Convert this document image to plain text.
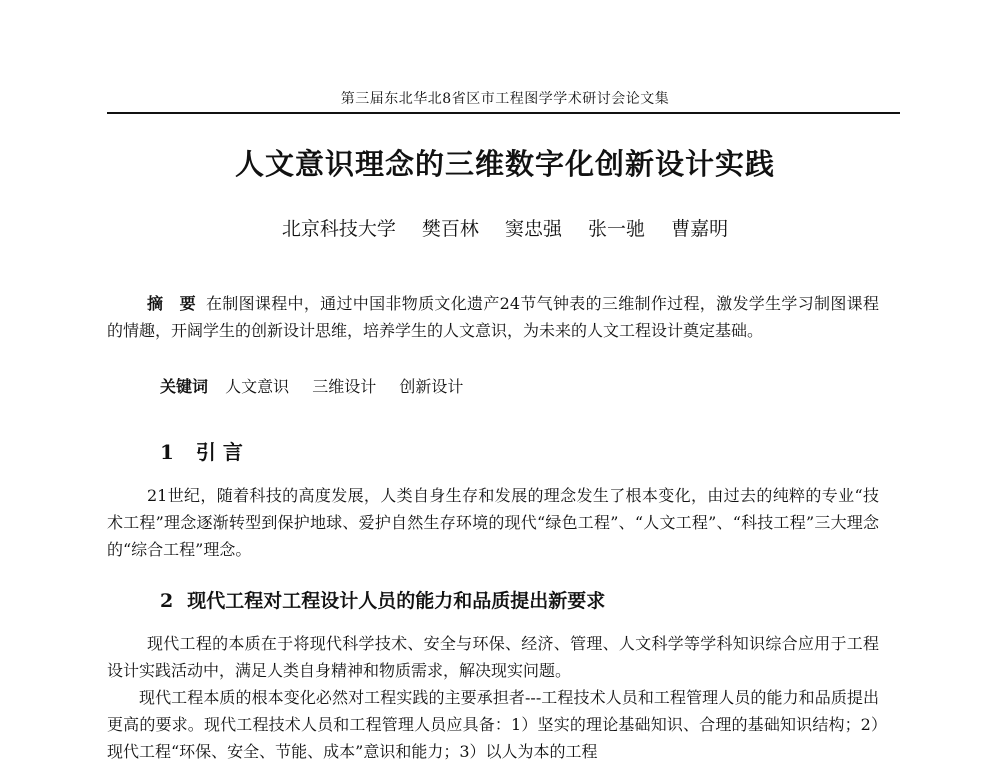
第三届东北华北8省区市工程图学学术研讨会论文集
人文意识理念的三维数字化创新设计实践
北京科技大学 樊百林 窦忠强 张一驰 曹嘉明
摘　要 在制图课程中，通过中国非物质文化遗产24节气钟表的三维制作过程，激发学生学习制图课程的情趣，开阔学生的创新设计思维，培养学生的人文意识，为未来的人文工程设计奠定基础。
关键词 人文意识 三维设计 创新设计
1 引 言
21世纪，随着科技的高度发展，人类自身生存和发展的理念发生了根本变化，由过去的纯粹的专业“技术工程”理念逐渐转型到保护地球、爱护自然生存环境的现代“绿色工程”、“人文工程”、“科技工程”三大理念的“综合工程”理念。
2 现代工程对工程设计人员的能力和品质提出新要求
现代工程的本质在于将现代科学技术、安全与环保、经济、管理、人文科学等学科知识综合应用于工程设计实践活动中，满足人类自身精神和物质需求，解决现实问题。
现代工程本质的根本变化必然对工程实践的主要承担者---工程技术人员和工程管理人员的能力和品质提出更高的要求。现代工程技术人员和工程管理人员应具备：1）坚实的理论基础知识、合理的基础知识结构；2）现代工程“环保、安全、节能、成本”意识和能力；3）以人为本的工程
